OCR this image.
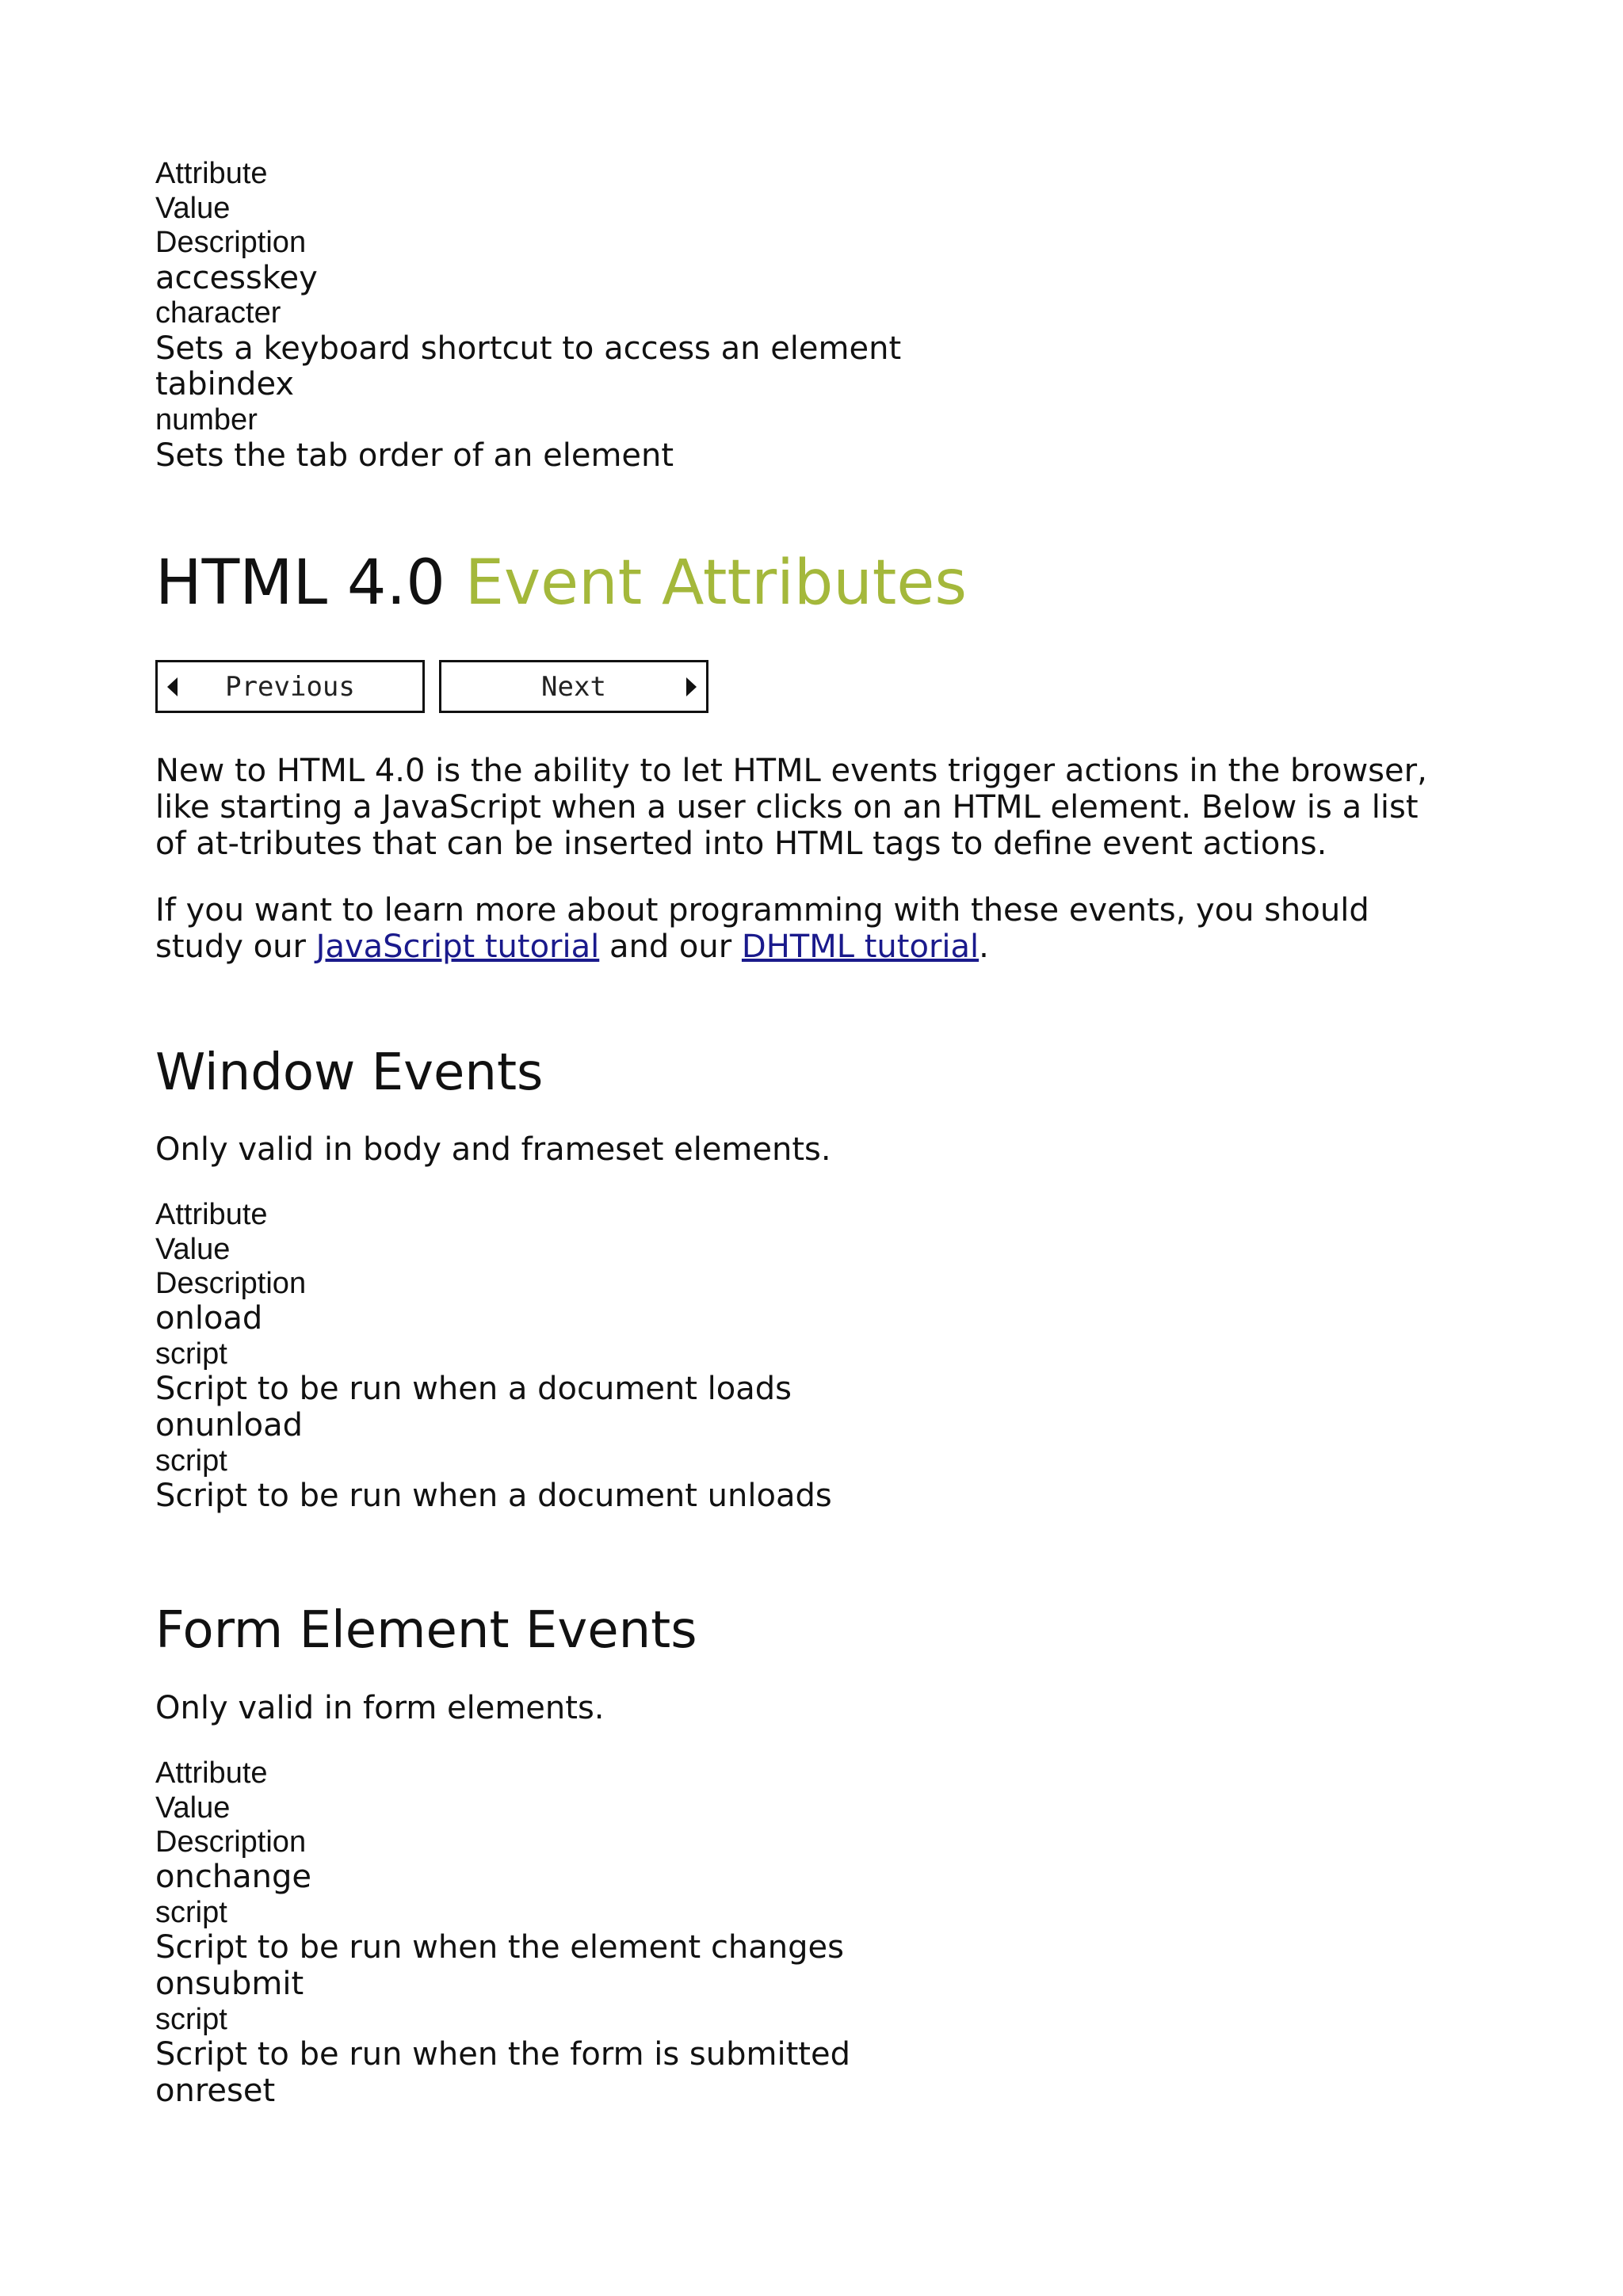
Attribute
Value
Description
accesskey
character
Sets a keyboard shortcut to access an element
tabindex
number
Sets the tab order of an element
HTML 4.0 Event Attributes
Previous	Next
New to HTML 4.0 is the ability to let HTML events trigger actions in the browser, like starting a JavaScript when a user clicks on an HTML element. Below is a list of at-tributes that can be inserted into HTML tags to define event actions.
If you want to learn more about programming with these events, you should study our JavaScript tutorial and our DHTML tutorial.
Window Events
Only valid in body and frameset elements.
Attribute
Value
Description
onload
script
Script to be run when a document loads
onunload
script
Script to be run when a document unloads
Form Element Events
Only valid in form elements.
Attribute
Value
Description
onchange
script
Script to be run when the element changes
onsubmit
script
Script to be run when the form is submitted
onreset
